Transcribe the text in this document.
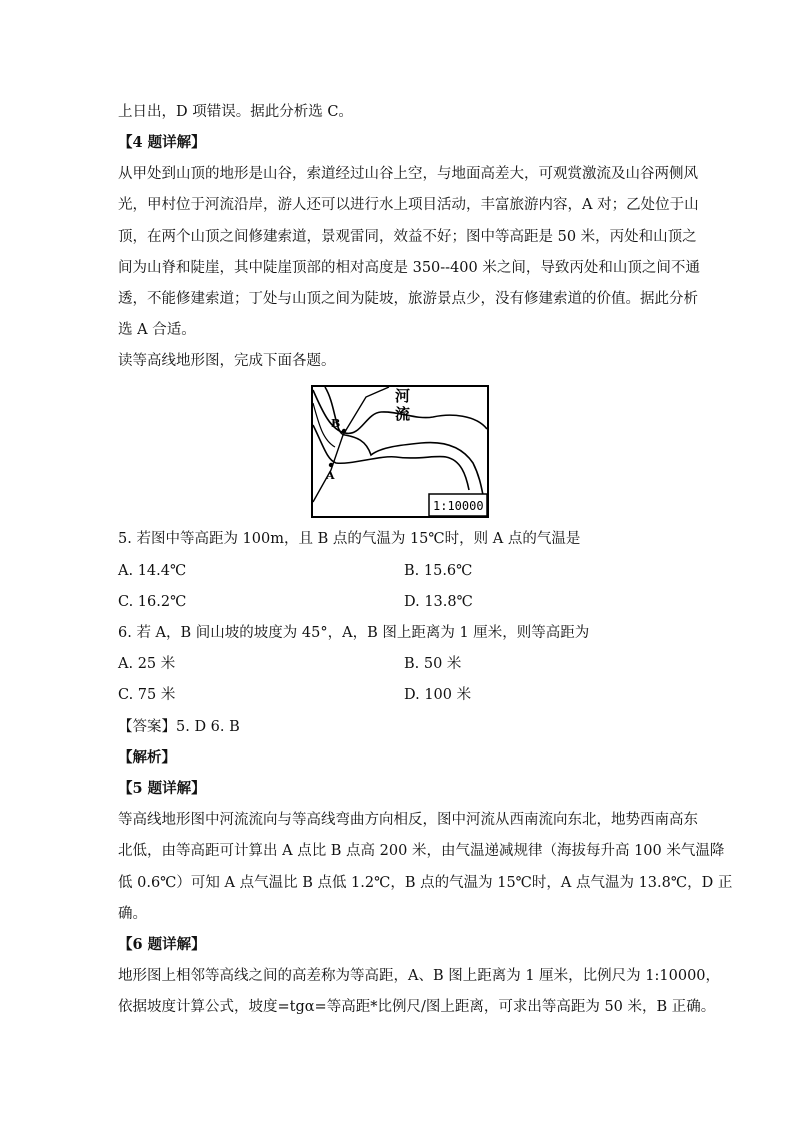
上日出，D 项错误。据此分析选 C。
【4 题详解】
从甲处到山顶的地形是山谷，索道经过山谷上空，与地面高差大，可观赏激流及山谷两侧风
光，甲村位于河流沿岸，游人还可以进行水上项目活动，丰富旅游内容，A 对；乙处位于山
顶，在两个山顶之间修建索道，景观雷同，效益不好；图中等高距是 50 米，丙处和山顶之
间为山脊和陡崖，其中陡崖顶部的相对高度是 350--400 米之间，导致丙处和山顶之间不通
透，不能修建索道；丁处与山顶之间为陡坡，旅游景点少，没有修建索道的价值。据此分析
选 A 合适。
读等高线地形图，完成下面各题。
A
B
河
流
1:10000
5. 若图中等高距为 100m，且 B 点的气温为 15℃时，则 A 点的气温是
A. 14.4℃	B. 15.6℃
C. 16.2℃	D. 13.8℃
6. 若 A，B 间山坡的坡度为 45°，A，B 图上距离为 1 厘米，则等高距为
A. 25 米	B. 50 米
C. 75 米	D. 100 米
【答案】5. D 6. B
【解析】
【5 题详解】
等高线地形图中河流流向与等高线弯曲方向相反，图中河流从西南流向东北，地势西南高东
北低，由等高距可计算出 A 点比 B 点高 200 米，由气温递减规律（海拔每升高 100 米气温降
低 0.6℃）可知 A 点气温比 B 点低 1.2℃，B 点的气温为 15℃时，A 点气温为 13.8℃，D 正
确。
【6 题详解】
地形图上相邻等高线之间的高差称为等高距，A、B 图上距离为 1 厘米，比例尺为 1:10000，
依据坡度计算公式，坡度=tgα=等高距*比例尺/图上距离，可求出等高距为 50 米，B 正确。
